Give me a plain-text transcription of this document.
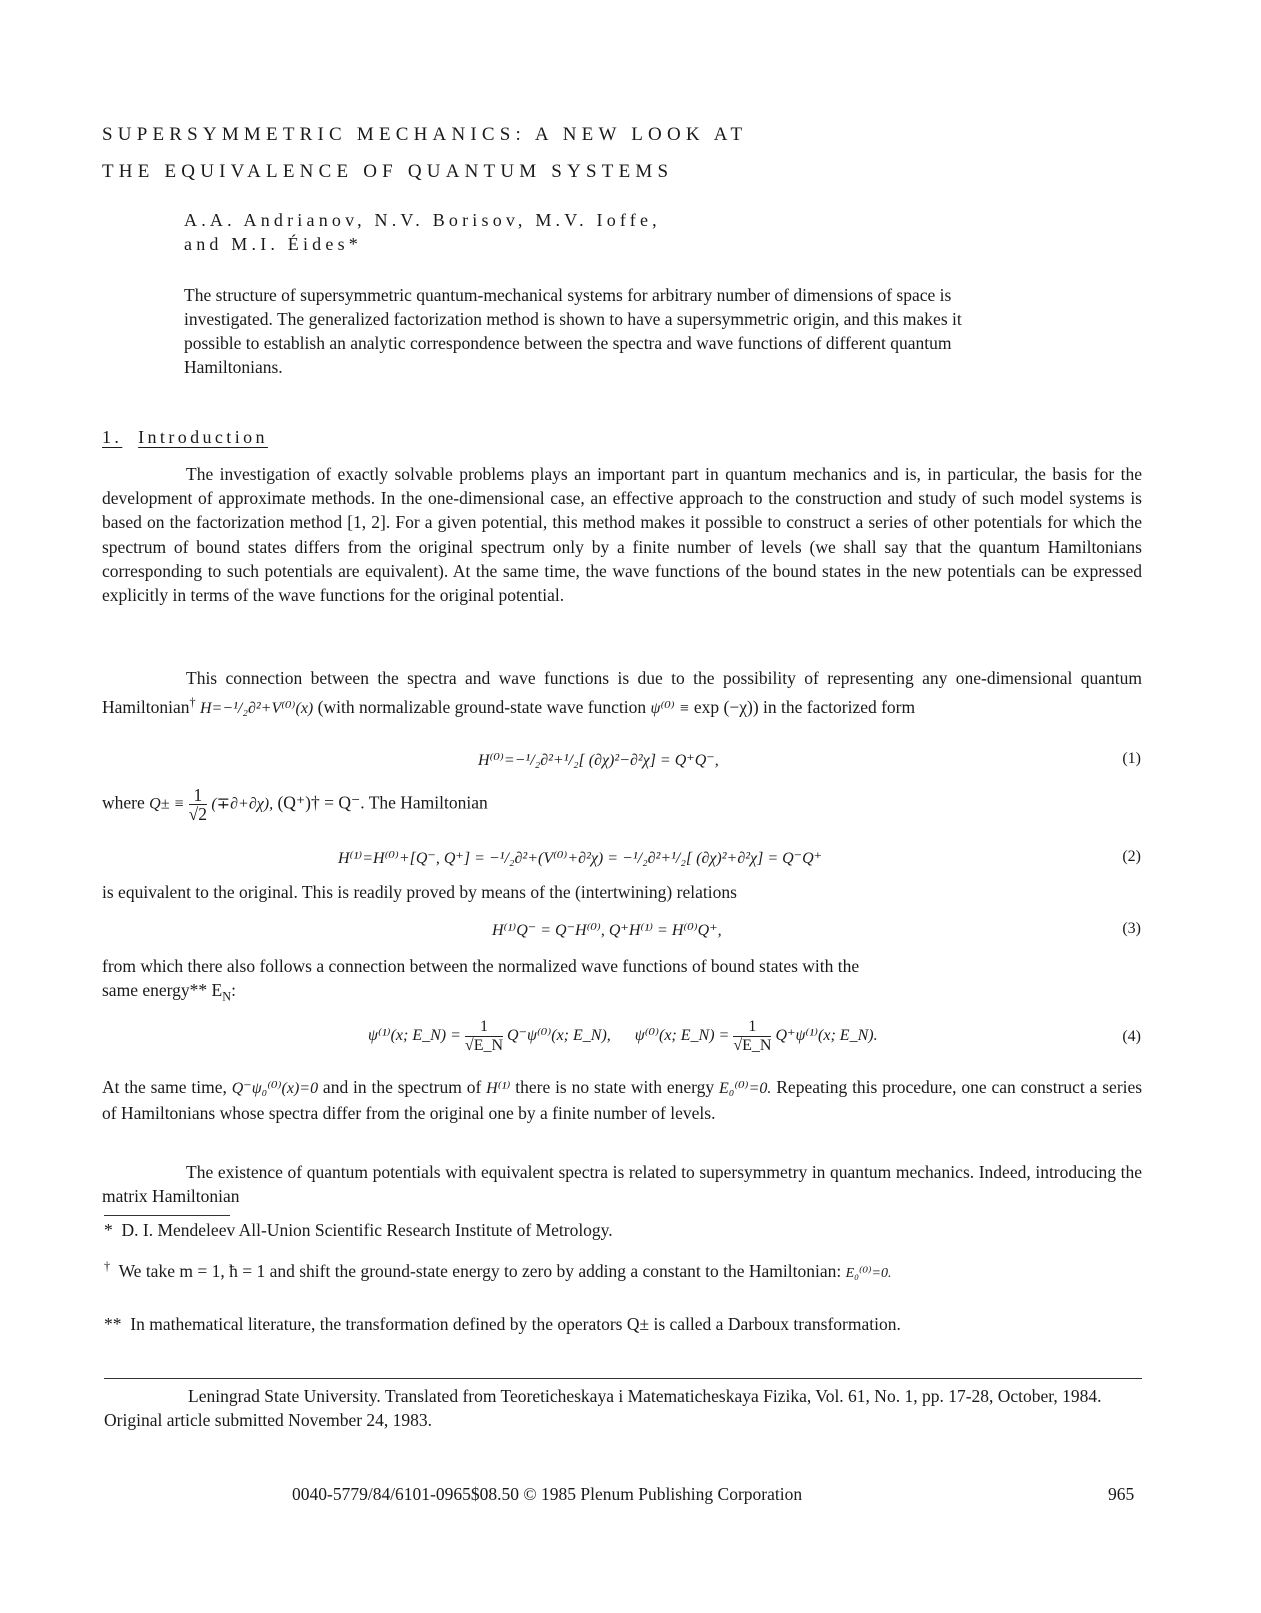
SUPERSYMMETRIC MECHANICS: A NEW LOOK AT
THE EQUIVALENCE OF QUANTUM SYSTEMS
A.A. Andrianov, N.V. Borisov, M.V. Ioffe,
and M.I. Éides*
The structure of supersymmetric quantum-mechanical systems for arbitrary number of dimensions of space is investigated. The generalized factorization method is shown to have a supersymmetric origin, and this makes it possible to establish an analytic correspondence between the spectra and wave functions of different quantum Hamiltonians.
1. Introduction
The investigation of exactly solvable problems plays an important part in quantum mechanics and is, in particular, the basis for the development of approximate methods. In the one-dimensional case, an effective approach to the construction and study of such model systems is based on the factorization method [1, 2]. For a given potential, this method makes it possible to construct a series of other potentials for which the spectrum of bound states differs from the original spectrum only by a finite number of levels (we shall say that the quantum Hamiltonians corresponding to such potentials are equivalent). At the same time, the wave functions of the bound states in the new potentials can be expressed explicitly in terms of the wave functions for the original potential.
This connection between the spectra and wave functions is due to the possibility of representing any one-dimensional quantum Hamiltonian† H=−¹/₂∂²+V⁽⁰⁾(x) (with normalizable ground-state wave function ψ⁽⁰⁾ ≡ exp (−χ)) in the factorized form
H⁽⁰⁾=−¹/₂∂²+¹/₂[ (∂χ)²−∂²χ] = Q⁺Q⁻,	(1)
where $Q\pm \equiv \frac{1}{√2} (\mp\partial+\partial\chi)$, (Q⁺)† = Q⁻. The Hamiltonian
H⁽¹⁾=H⁽⁰⁾+[Q⁻, Q⁺] = −¹/₂∂²+(V⁽⁰⁾+∂²χ) = −¹/₂∂²+¹/₂[ (∂χ)²+∂²χ] = Q⁻Q⁺	(2)
is equivalent to the original. This is readily proved by means of the (intertwining) relations
H⁽¹⁾Q⁻ = Q⁻H⁽⁰⁾, Q⁺H⁽¹⁾ = H⁽⁰⁾Q⁺,	(3)
from which there also follows a connection between the normalized wave functions of bound states with the
same energy** $E_N$:
ψ⁽¹⁾(x; E_N) = $\frac{1}{√E\_N} Q^-\psi^{(0)}(x$; E_N), ψ⁽⁰⁾(x; E_N) = $\frac{1}{√E\_N} Q^+\psi^{(1)}(x$; E_N).	(4)
At the same time, Q⁻ψ₀⁽⁰⁾(x)=0 and in the spectrum of H⁽¹⁾ there is no state with energy E₀⁽⁰⁾=0. Repeating this procedure, one can construct a series of Hamiltonians whose spectra differ from the original one by a finite number of levels.
The existence of quantum potentials with equivalent spectra is related to supersymmetry in quantum mechanics. Indeed, introducing the matrix Hamiltonian
* D. I. Mendeleev All-Union Scientific Research Institute of Metrology.
† We take m = 1, ħ = 1 and shift the ground-state energy to zero by adding a constant to the Hamiltonian: E₀⁽⁰⁾=0.
** In mathematical literature, the transformation defined by the operators Q± is called a Darboux transformation.
Leningrad State University. Translated from Teoreticheskaya i Matematicheskaya Fizika, Vol. 61, No. 1, pp. 17-28, October, 1984. Original article submitted November 24, 1983.
0040-5779/84/6101-0965$08.50 © 1985 Plenum Publishing Corporation	965
